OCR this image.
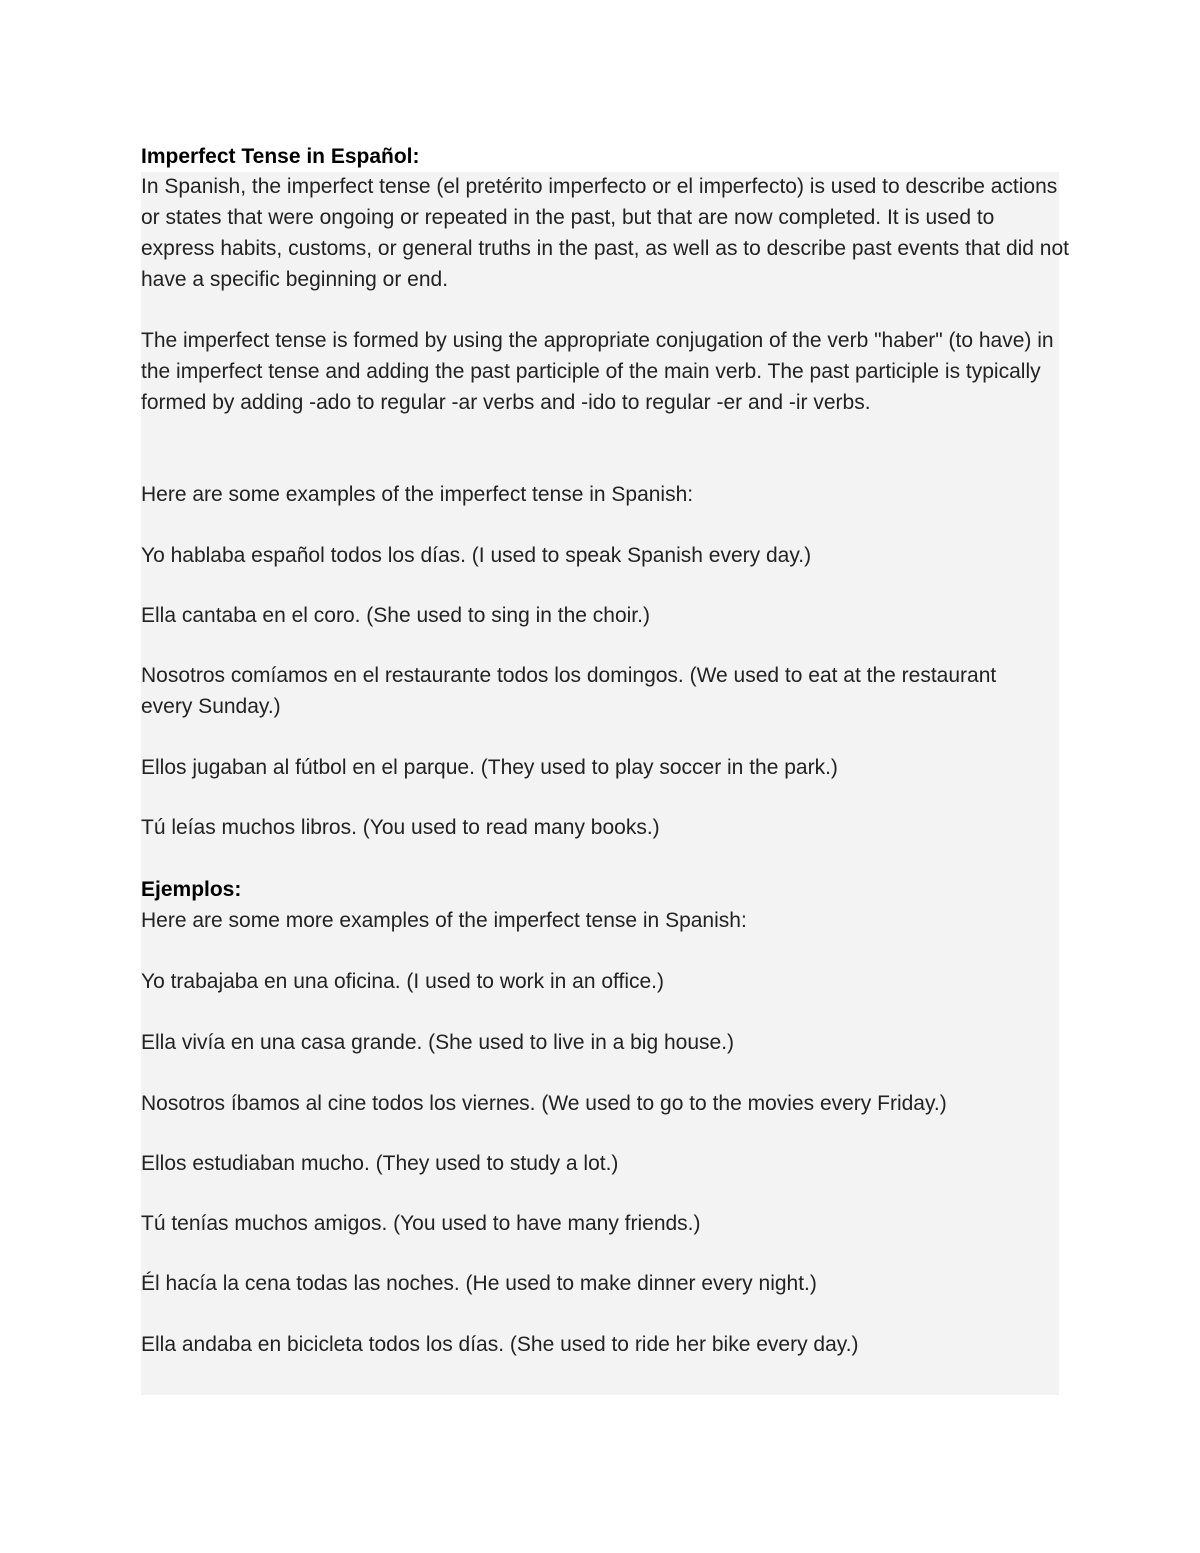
Imperfect Tense in Español:

In Spanish, the imperfect tense (el pretérito imperfecto or el imperfecto) is used to describe actions or states that were ongoing or repeated in the past, but that are now completed. It is used to express habits, customs, or general truths in the past, as well as to describe past events that did not have a specific beginning or end.

The imperfect tense is formed by using the appropriate conjugation of the verb "haber" (to have) in the imperfect tense and adding the past participle of the main verb. The past participle is typically formed by adding -ado to regular -ar verbs and -ido to regular -er and -ir verbs.

Here are some examples of the imperfect tense in Spanish:

Yo hablaba español todos los días. (I used to speak Spanish every day.)

Ella cantaba en el coro. (She used to sing in the choir.)

Nosotros comíamos en el restaurante todos los domingos. (We used to eat at the restaurant every Sunday.)

Ellos jugaban al fútbol en el parque. (They used to play soccer in the park.)

Tú leías muchos libros. (You used to read many books.)

Ejemplos:

Here are some more examples of the imperfect tense in Spanish:

Yo trabajaba en una oficina. (I used to work in an office.)

Ella vivía en una casa grande. (She used to live in a big house.)

Nosotros íbamos al cine todos los viernes. (We used to go to the movies every Friday.)

Ellos estudiaban mucho. (They used to study a lot.)

Tú tenías muchos amigos. (You used to have many friends.)

Él hacía la cena todas las noches. (He used to make dinner every night.)

Ella andaba en bicicleta todos los días. (She used to ride her bike every day.)
